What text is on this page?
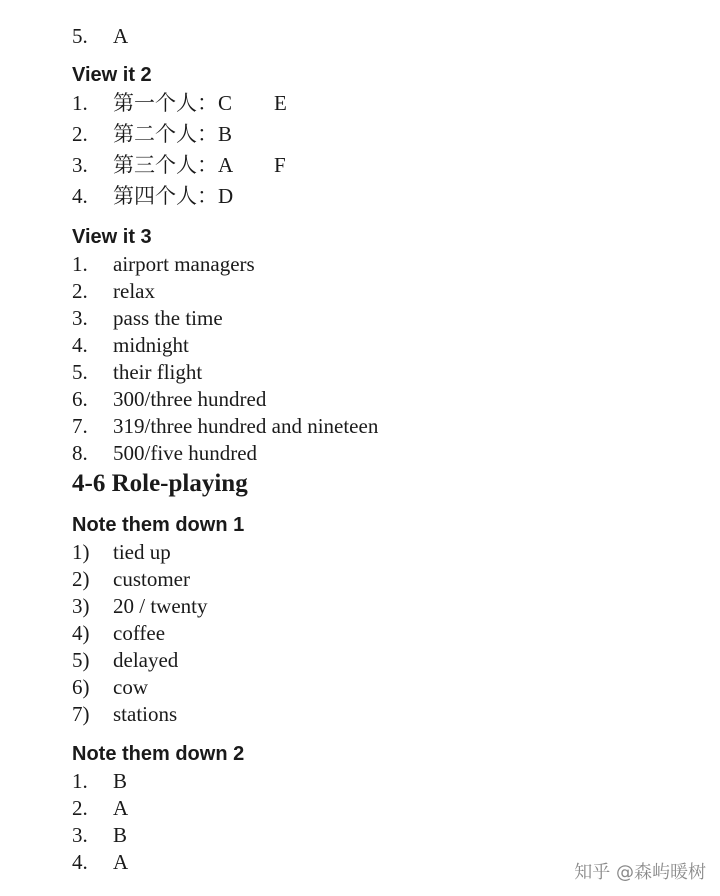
5. A
View it 2
1. 第一个人：C　　E
2. 第二个人：B
3. 第三个人：A　　F
4. 第四个人：D
View it 3
1. airport managers
2. relax
3. pass the time
4. midnight
5. their flight
6. 300/three hundred
7. 319/three hundred and nineteen
8. 500/five hundred
4-6 Role-playing
Note them down 1
1) tied up
2) customer
3) 20 / twenty
4) coffee
5) delayed
6) cow
7) stations
Note them down 2
1. B
2. A
3. B
4. A	知乎 @森屿暖树
